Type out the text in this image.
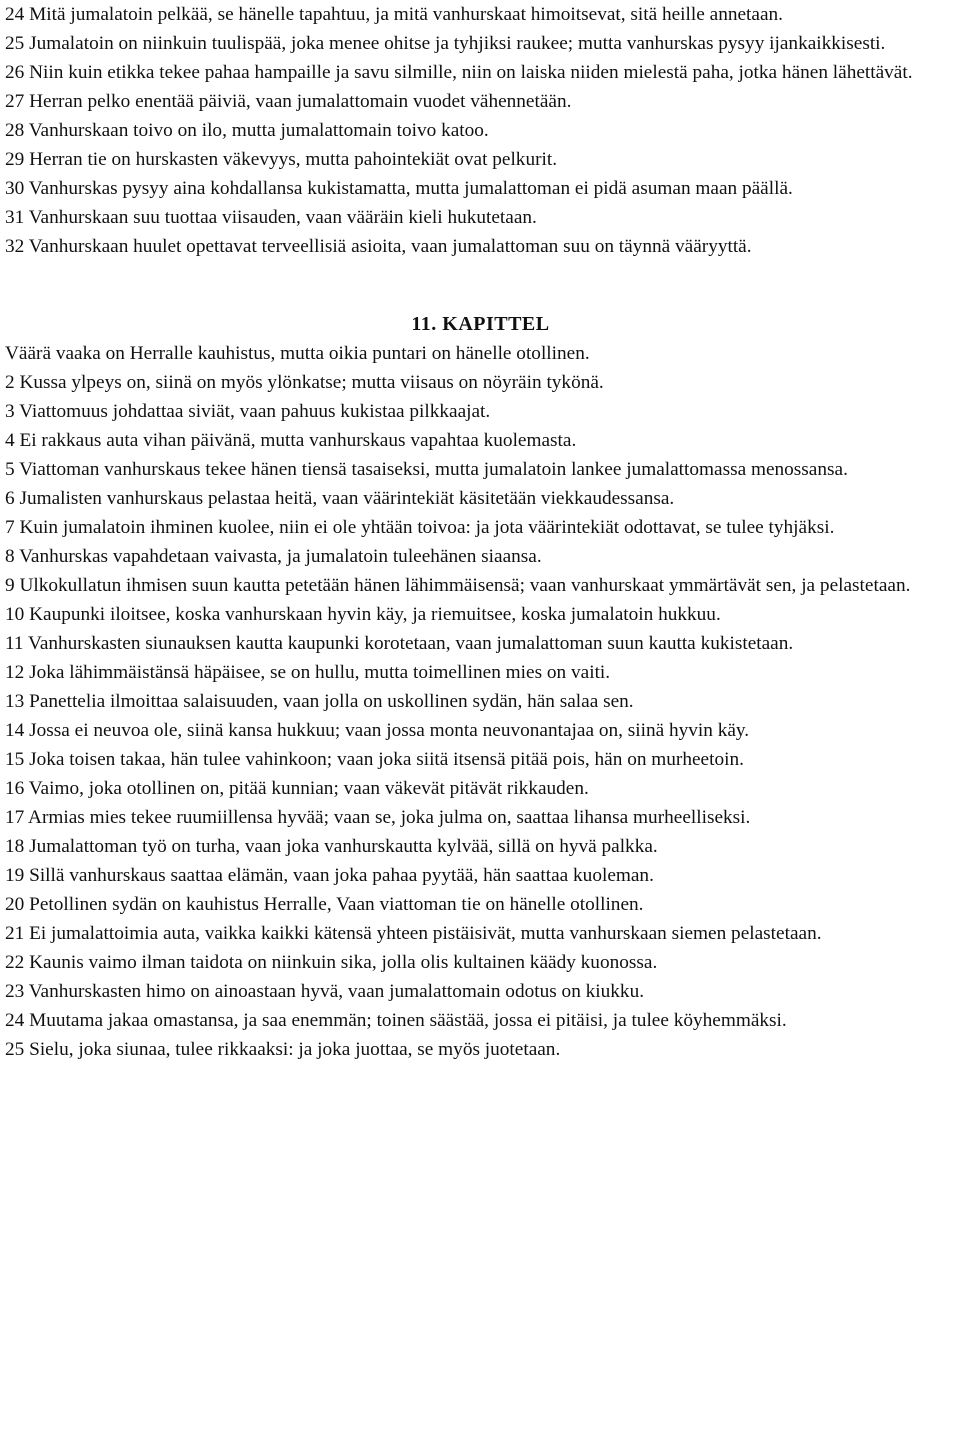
24 Mitä jumalatoin pelkää, se hänelle tapahtuu, ja mitä vanhurskaat himoitsevat, sitä heille annetaan.

25 Jumalatoin on niinkuin tuulispää, joka menee ohitse ja tyhjiksi raukee; mutta vanhurskas pysyy ijankaikkisesti.

26 Niin kuin etikka tekee pahaa hampaille ja savu silmille, niin on laiska niiden mielestä paha, jotka hänen lähettävät.

27 Herran pelko enentää päiviä, vaan jumalattomain vuodet vähennetään.

28 Vanhurskaan toivo on ilo, mutta jumalattomain toivo katoo.

29 Herran tie on hurskasten väkevyys, mutta pahointekiät ovat pelkurit.

30 Vanhurskas pysyy aina kohdallansa kukistamatta, mutta jumalattoman ei pidä asuman maan päällä.

31 Vanhurskaan suu tuottaa viisauden, vaan vääräin kieli hukutetaan.

32 Vanhurskaan huulet opettavat terveellisiä asioita, vaan jumalattoman suu on täynnä vääryyttä.

11. KAPITTEL

Väärä vaaka on Herralle kauhistus, mutta oikia puntari on hänelle otollinen.

2 Kussa ylpeys on, siinä on myös ylönkatse; mutta viisaus on nöyräin tykönä.

3 Viattomuus johdattaa siviät, vaan pahuus kukistaa pilkkaajat.

4 Ei rakkaus auta vihan päivänä, mutta vanhurskaus vapahtaa kuolemasta.

5 Viattoman vanhurskaus tekee hänen tiensä tasaiseksi, mutta jumalatoin lankee jumalattomassa menossansa.

6 Jumalisten vanhurskaus pelastaa heitä, vaan väärintekiät käsitetään viekkaudessansa.

7 Kuin jumalatoin ihminen kuolee, niin ei ole yhtään toivoa: ja jota väärintekiät odottavat, se tulee tyhjäksi.

8 Vanhurskas vapahdetaan vaivasta, ja jumalatoin tuleehänen siaansa.

9 Ulkokullatun ihmisen suun kautta petetään hänen lähimmäisensä; vaan vanhurskaat ymmärtävät sen, ja pelastetaan.

10 Kaupunki iloitsee, koska vanhurskaan hyvin käy, ja riemuitsee, koska jumalatoin hukkuu.

11 Vanhurskasten siunauksen kautta kaupunki korotetaan, vaan jumalattoman suun kautta kukistetaan.

12 Joka lähimmäistänsä häpäisee, se on hullu, mutta toimellinen mies on vaiti.

13 Panettelia ilmoittaa salaisuuden, vaan jolla on uskollinen sydän, hän salaa sen.

14 Jossa ei neuvoa ole, siinä kansa hukkuu; vaan jossa monta neuvonantajaa on, siinä hyvin käy.

15 Joka toisen takaa, hän tulee vahinkoon; vaan joka siitä itsensä pitää pois, hän on murheetoin.

16 Vaimo, joka otollinen on, pitää kunnian; vaan väkevät pitävät rikkauden.

17 Armias mies tekee ruumiillensa hyvää; vaan se, joka julma on, saattaa lihansa murheelliseksi.

18 Jumalattoman työ on turha, vaan joka vanhurskautta kylvää, sillä on hyvä palkka.

19 Sillä vanhurskaus saattaa elämän, vaan joka pahaa pyytää, hän saattaa kuoleman.

20 Petollinen sydän on kauhistus Herralle, Vaan viattoman tie on hänelle otollinen.

21 Ei jumalattoimia auta, vaikka kaikki kätensä yhteen pistäisivät, mutta vanhurskaan siemen pelastetaan.

22 Kaunis vaimo ilman taidota on niinkuin sika, jolla olis kultainen käädy kuonossa.

23 Vanhurskasten himo on ainoastaan hyvä, vaan jumalattomain odotus on kiukku.

24 Muutama jakaa omastansa, ja saa enemmän; toinen säästää, jossa ei pitäisi, ja tulee köyhemmäksi.

25 Sielu, joka siunaa, tulee rikkaaksi: ja joka juottaa, se myös juotetaan.
